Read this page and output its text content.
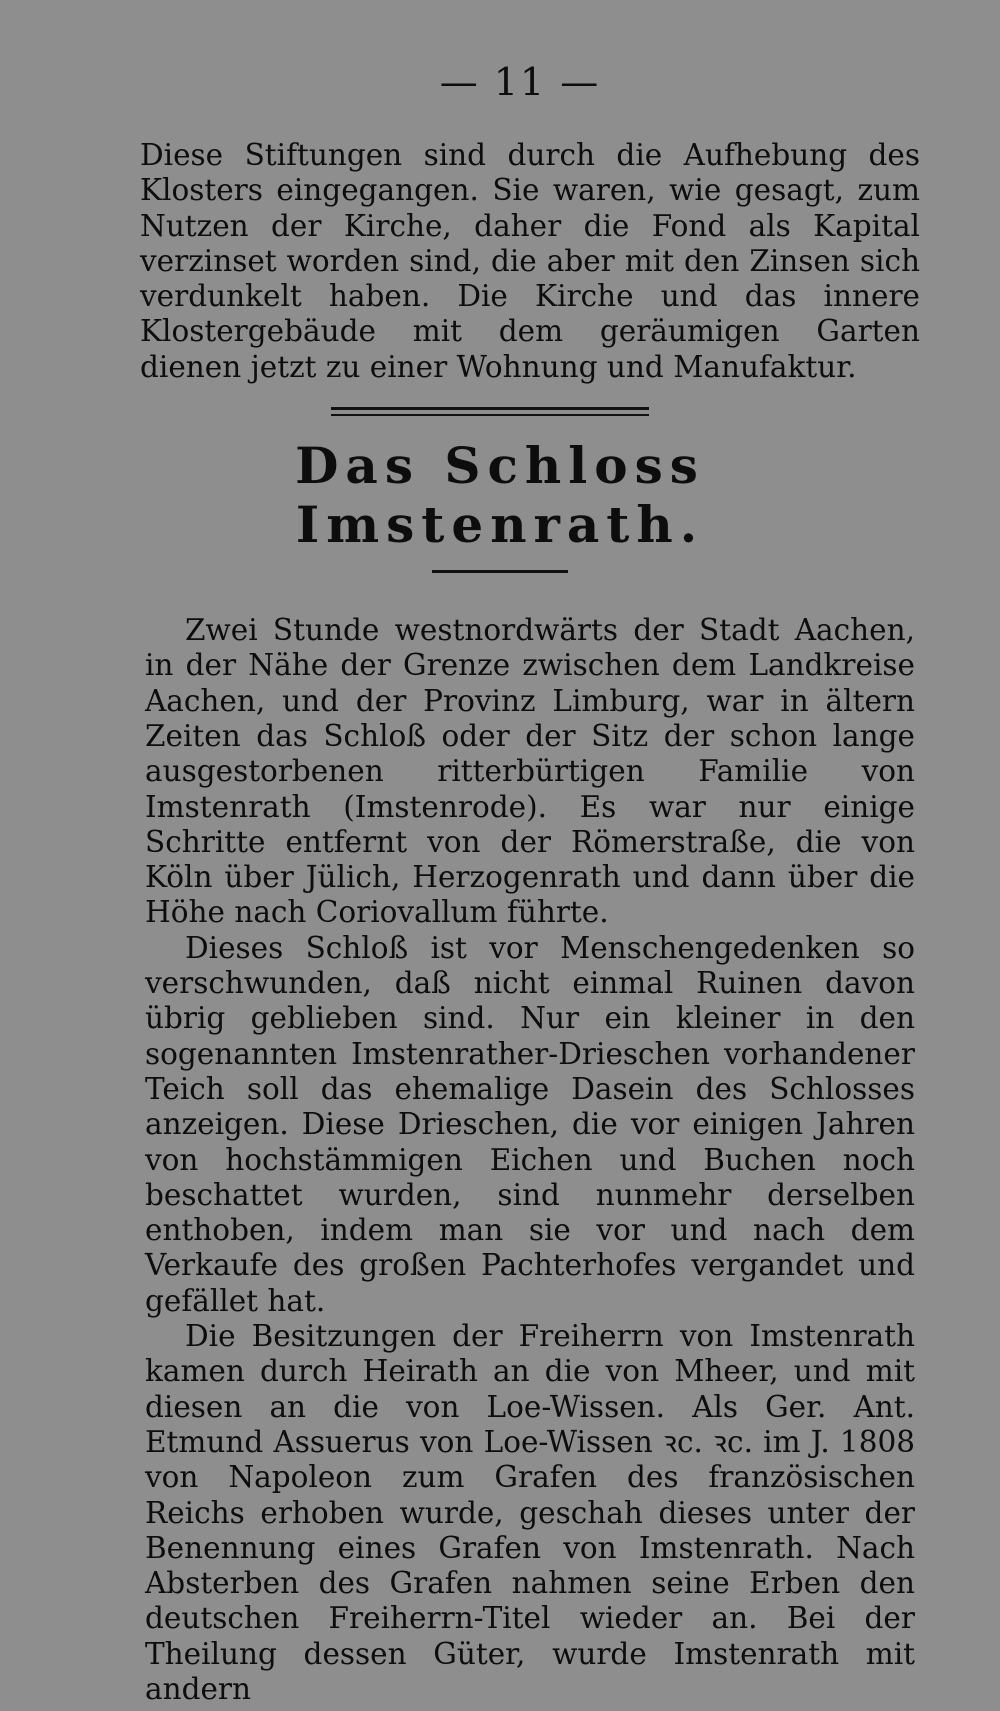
— 11 —

Diese Stiftungen sind durch die Aufhebung des Klosters eingegangen. Sie waren, wie gesagt, zum Nutzen der Kirche, daher die Fond als Kapital verzinset worden sind, die aber mit den Zinsen sich verdunkelt haben. Die Kirche und das innere Klostergebäude mit dem geräumigen Garten dienen jetzt zu einer Wohnung und Manufaktur.

Das Schloss Imstenrath.

Zwei Stunde westnordwärts der Stadt Aachen, in der Nähe der Grenze zwischen dem Landkreise Aachen, und der Provinz Limburg, war in ältern Zeiten das Schloß oder der Sitz der schon lange ausgestorbenen ritterbürtigen Familie von Imstenrath (Imstenrode). Es war nur einige Schritte entfernt von der Römerstraße, die von Köln über Jülich, Herzogenrath und dann über die Höhe nach Coriovallum führte.

Dieses Schloß ist vor Menschengedenken so verschwunden, daß nicht einmal Ruinen davon übrig geblieben sind. Nur ein kleiner in den sogenannten Imstenrather-Drieschen vorhandener Teich soll das ehemalige Dasein des Schlosses anzeigen. Diese Drieschen, die vor einigen Jahren von hochstämmigen Eichen und Buchen noch beschattet wurden, sind nunmehr derselben enthoben, indem man sie vor und nach dem Verkaufe des großen Pachterhofes vergandet und gefället hat.

Die Besitzungen der Freiherrn von Imstenrath kamen durch Heirath an die von Mheer, und mit diesen an die von Loe-Wissen. Als Ger. Ant. Etmund Assuerus von Loe-Wissen ꝛc. ꝛc. im J. 1808 von Napoleon zum Grafen des französischen Reichs erhoben wurde, geschah dieses unter der Benennung eines Grafen von Imstenrath. Nach Absterben des Grafen nahmen seine Erben den deutschen Freiherrn-Titel wieder an. Bei der Theilung dessen Güter, wurde Imstenrath mit andern
